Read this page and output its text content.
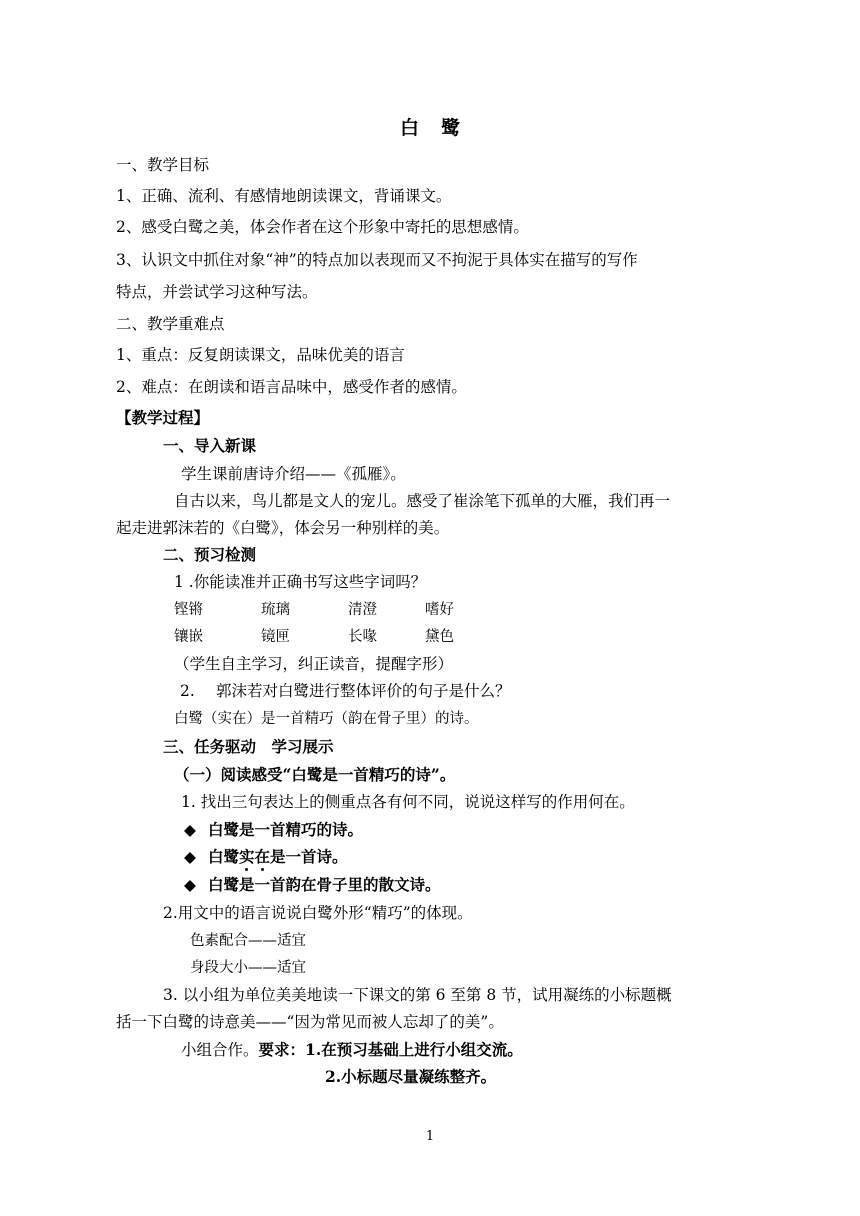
白 鹭
一、教学目标
1、正确、流利、有感情地朗读课文，背诵课文。
2、感受白鹭之美，体会作者在这个形象中寄托的思想感情。
3、认识文中抓住对象“神”的特点加以表现而又不拘泥于具体实在描写的写作
特点，并尝试学习这种写法。
二、教学重难点
1、重点：反复朗读课文，品味优美的语言
2、难点：在朗读和语言品味中，感受作者的感情。
【教学过程】
一、导入新课
学生课前唐诗介绍——《孤雁》。
自古以来，鸟儿都是文人的宠儿。感受了崔涂笔下孤单的大雁，我们再一
起走进郭沫若的《白鹭》，体会另一种别样的美。
二、预习检测
1 .你能读准并正确书写这些字词吗？
铿锵	琉璃	清澄	嗜好
镶嵌	镜匣	长喙	黛色
（学生自主学习，纠正读音，提醒字形）
2. 郭沫若对白鹭进行整体评价的句子是什么？
白鹭（实在）是一首精巧（韵在骨子里）的诗。
三、任务驱动　学习展示
（一）阅读感受“白鹭是一首精巧的诗”。
1. 找出三句表达上的侧重点各有何不同，说说这样写的作用何在。
◆ 白鹭是一首精巧的诗。
◆ 白鹭实在是一首诗。
◆ 白鹭是一首韵在骨子里的散文诗。
2.用文中的语言说说白鹭外形“精巧”的体现。
色素配合——适宜
身段大小——适宜
3. 以小组为单位美美地读一下课文的第 6 至第 8 节，试用凝练的小标题概
括一下白鹭的诗意美——“因为常见而被人忘却了的美”。
小组合作。要求：1.在预习基础上进行小组交流。
2.小标题尽量凝练整齐。
1
